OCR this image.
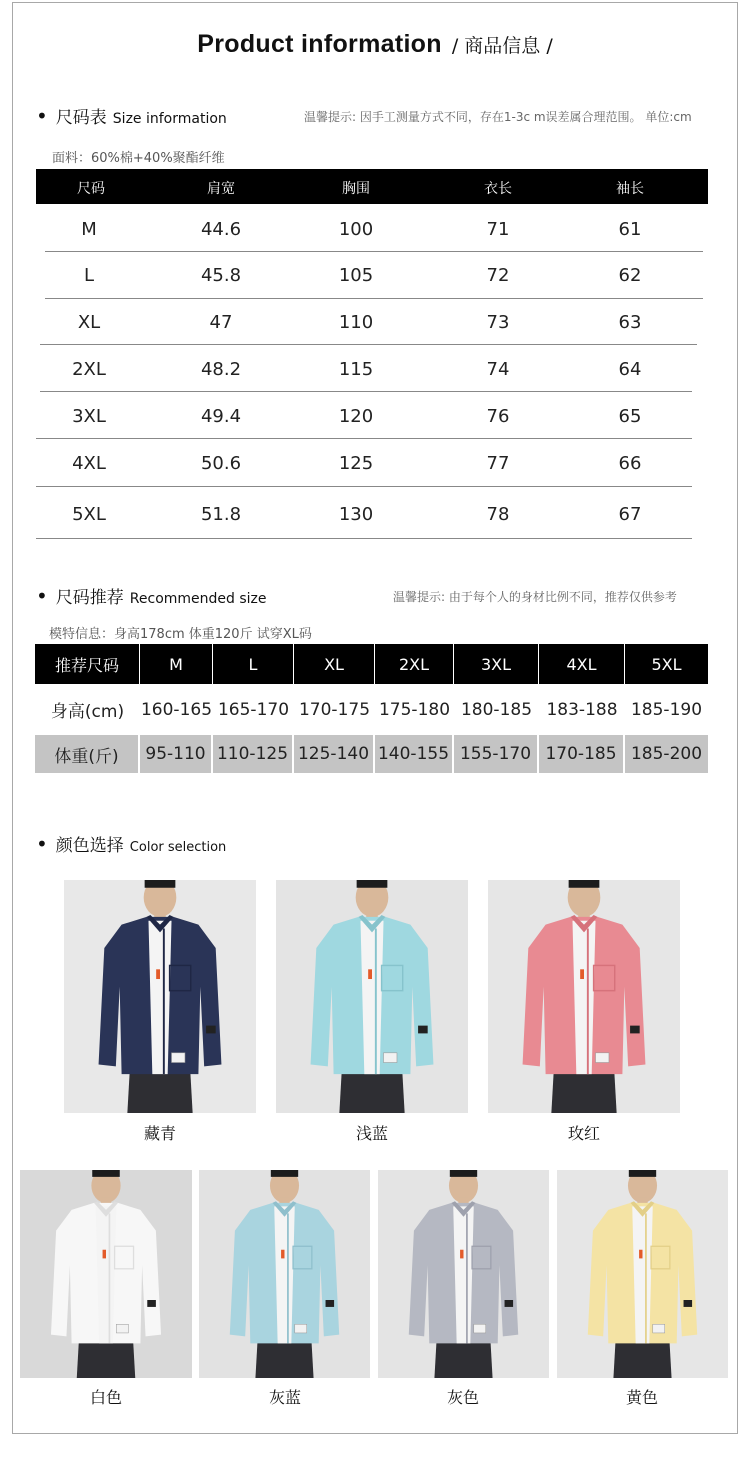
Product information / 商品信息 /
• 尺码表 Size information	温馨提示: 因手工测量方式不同，存在1-3c m误差属合理范围。 单位:cm
面料：60%棉+40%聚酯纤维
尺码	肩宽	胸围	衣长	袖长
M	44.6	100	71	61
L	45.8	105	72	62
XL	47	110	73	63
2XL	48.2	115	74	64
3XL	49.4	120	76	65
4XL	50.6	125	77	66
5XL	51.8	130	78	67
• 尺码推荐 Recommended size	温馨提示: 由于每个人的身材比例不同，推荐仅供参考
模特信息：身高178cm 体重120斤 试穿XL码
推荐尺码	M	L	XL	2XL	3XL	4XL	5XL
身高(cm) 160-165 165-170 170-175 175-180 180-185 183-188 185-190
体重(斤)	95-110 110-125 125-140 140-155 155-170 170-185 185-200
• 颜色选择 Color selection
藏青	浅蓝	玫红
白色	灰蓝	灰色	黄色
